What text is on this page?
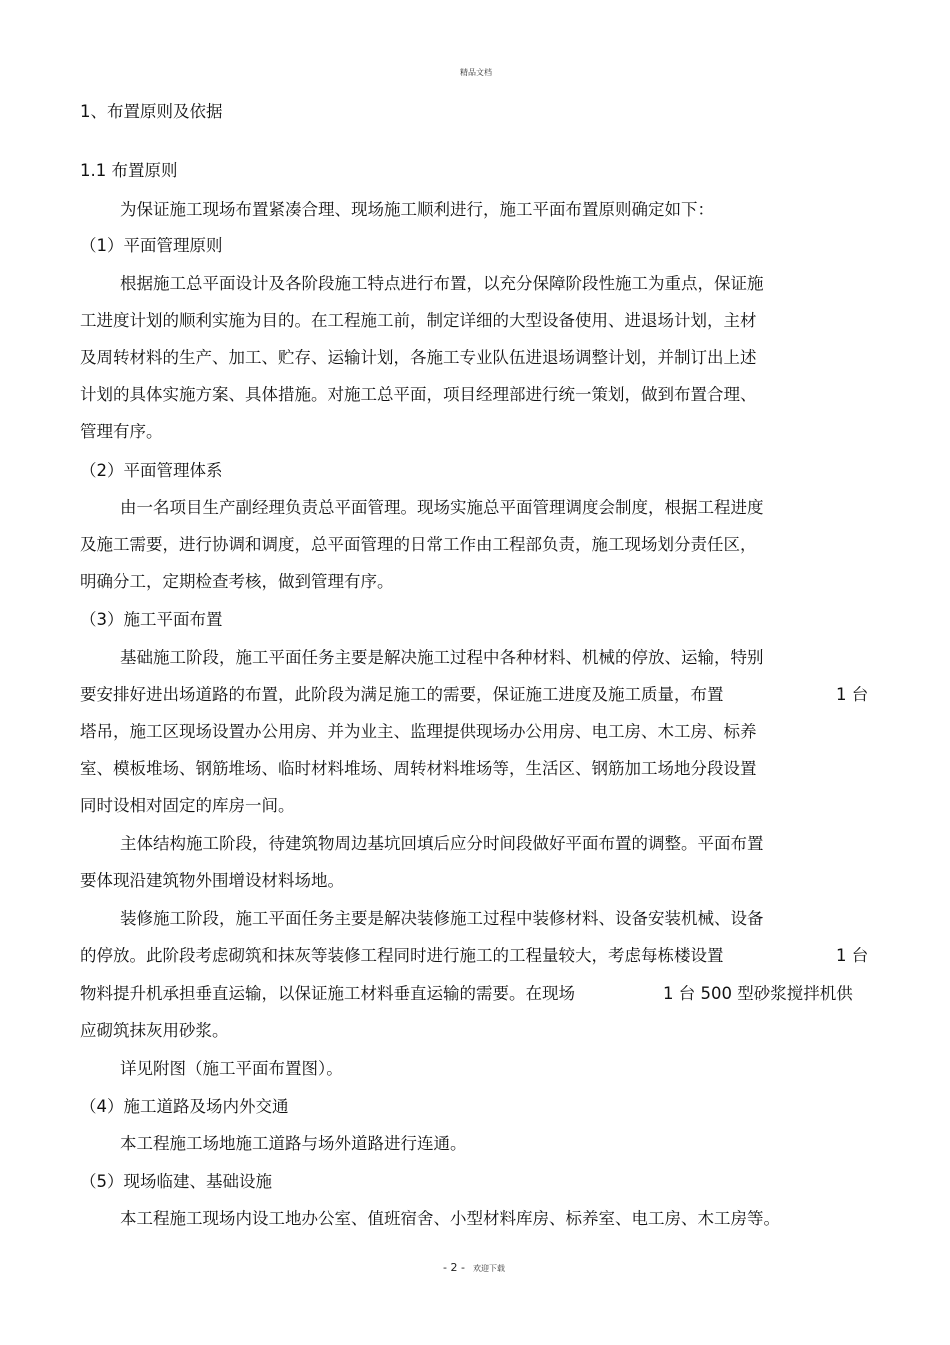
精品文档
1、布置原则及依据
1.1 布置原则
为保证施工现场布置紧凑合理、现场施工顺利进行，施工平面布置原则确定如下：
（1）平面管理原则
根据施工总平面设计及各阶段施工特点进行布置，以充分保障阶段性施工为重点，保证施
工进度计划的顺利实施为目的。在工程施工前，制定详细的大型设备使用、进退场计划，主材
及周转材料的生产、加工、贮存、运输计划，各施工专业队伍进退场调整计划，并制订出上述
计划的具体实施方案、具体措施。对施工总平面，项目经理部进行统一策划，做到布置合理、
管理有序。
（2）平面管理体系
由一名项目生产副经理负责总平面管理。现场实施总平面管理调度会制度，根据工程进度
及施工需要，进行协调和调度，总平面管理的日常工作由工程部负责，施工现场划分责任区，
明确分工，定期检查考核，做到管理有序。
（3）施工平面布置
基础施工阶段，施工平面任务主要是解决施工过程中各种材料、机械的停放、运输，特别
要安排好进出场道路的布置，此阶段为满足施工的需要，保证施工进度及施工质量，布置	1 台
塔吊，施工区现场设置办公用房、并为业主、监理提供现场办公用房、电工房、木工房、标养
室、模板堆场、钢筋堆场、临时材料堆场、周转材料堆场等，生活区、钢筋加工场地分段设置
同时设相对固定的库房一间。
主体结构施工阶段，待建筑物周边基坑回填后应分时间段做好平面布置的调整。平面布置
要体现沿建筑物外围增设材料场地。
装修施工阶段，施工平面任务主要是解决装修施工过程中装修材料、设备安装机械、设备
的停放。此阶段考虑砌筑和抹灰等装修工程同时进行施工的工程量较大，考虑每栋楼设置	1 台
物料提升机承担垂直运输，以保证施工材料垂直运输的需要。在现场	1 台 500 型砂浆搅拌机供
应砌筑抹灰用砂浆。
详见附图（施工平面布置图）。
（4）施工道路及场内外交通
本工程施工场地施工道路与场外道路进行连通。
（5）现场临建、基础设施
本工程施工现场内设工地办公室、值班宿舍、小型材料库房、标养室、电工房、木工房等。
- 2 - 欢迎下载
